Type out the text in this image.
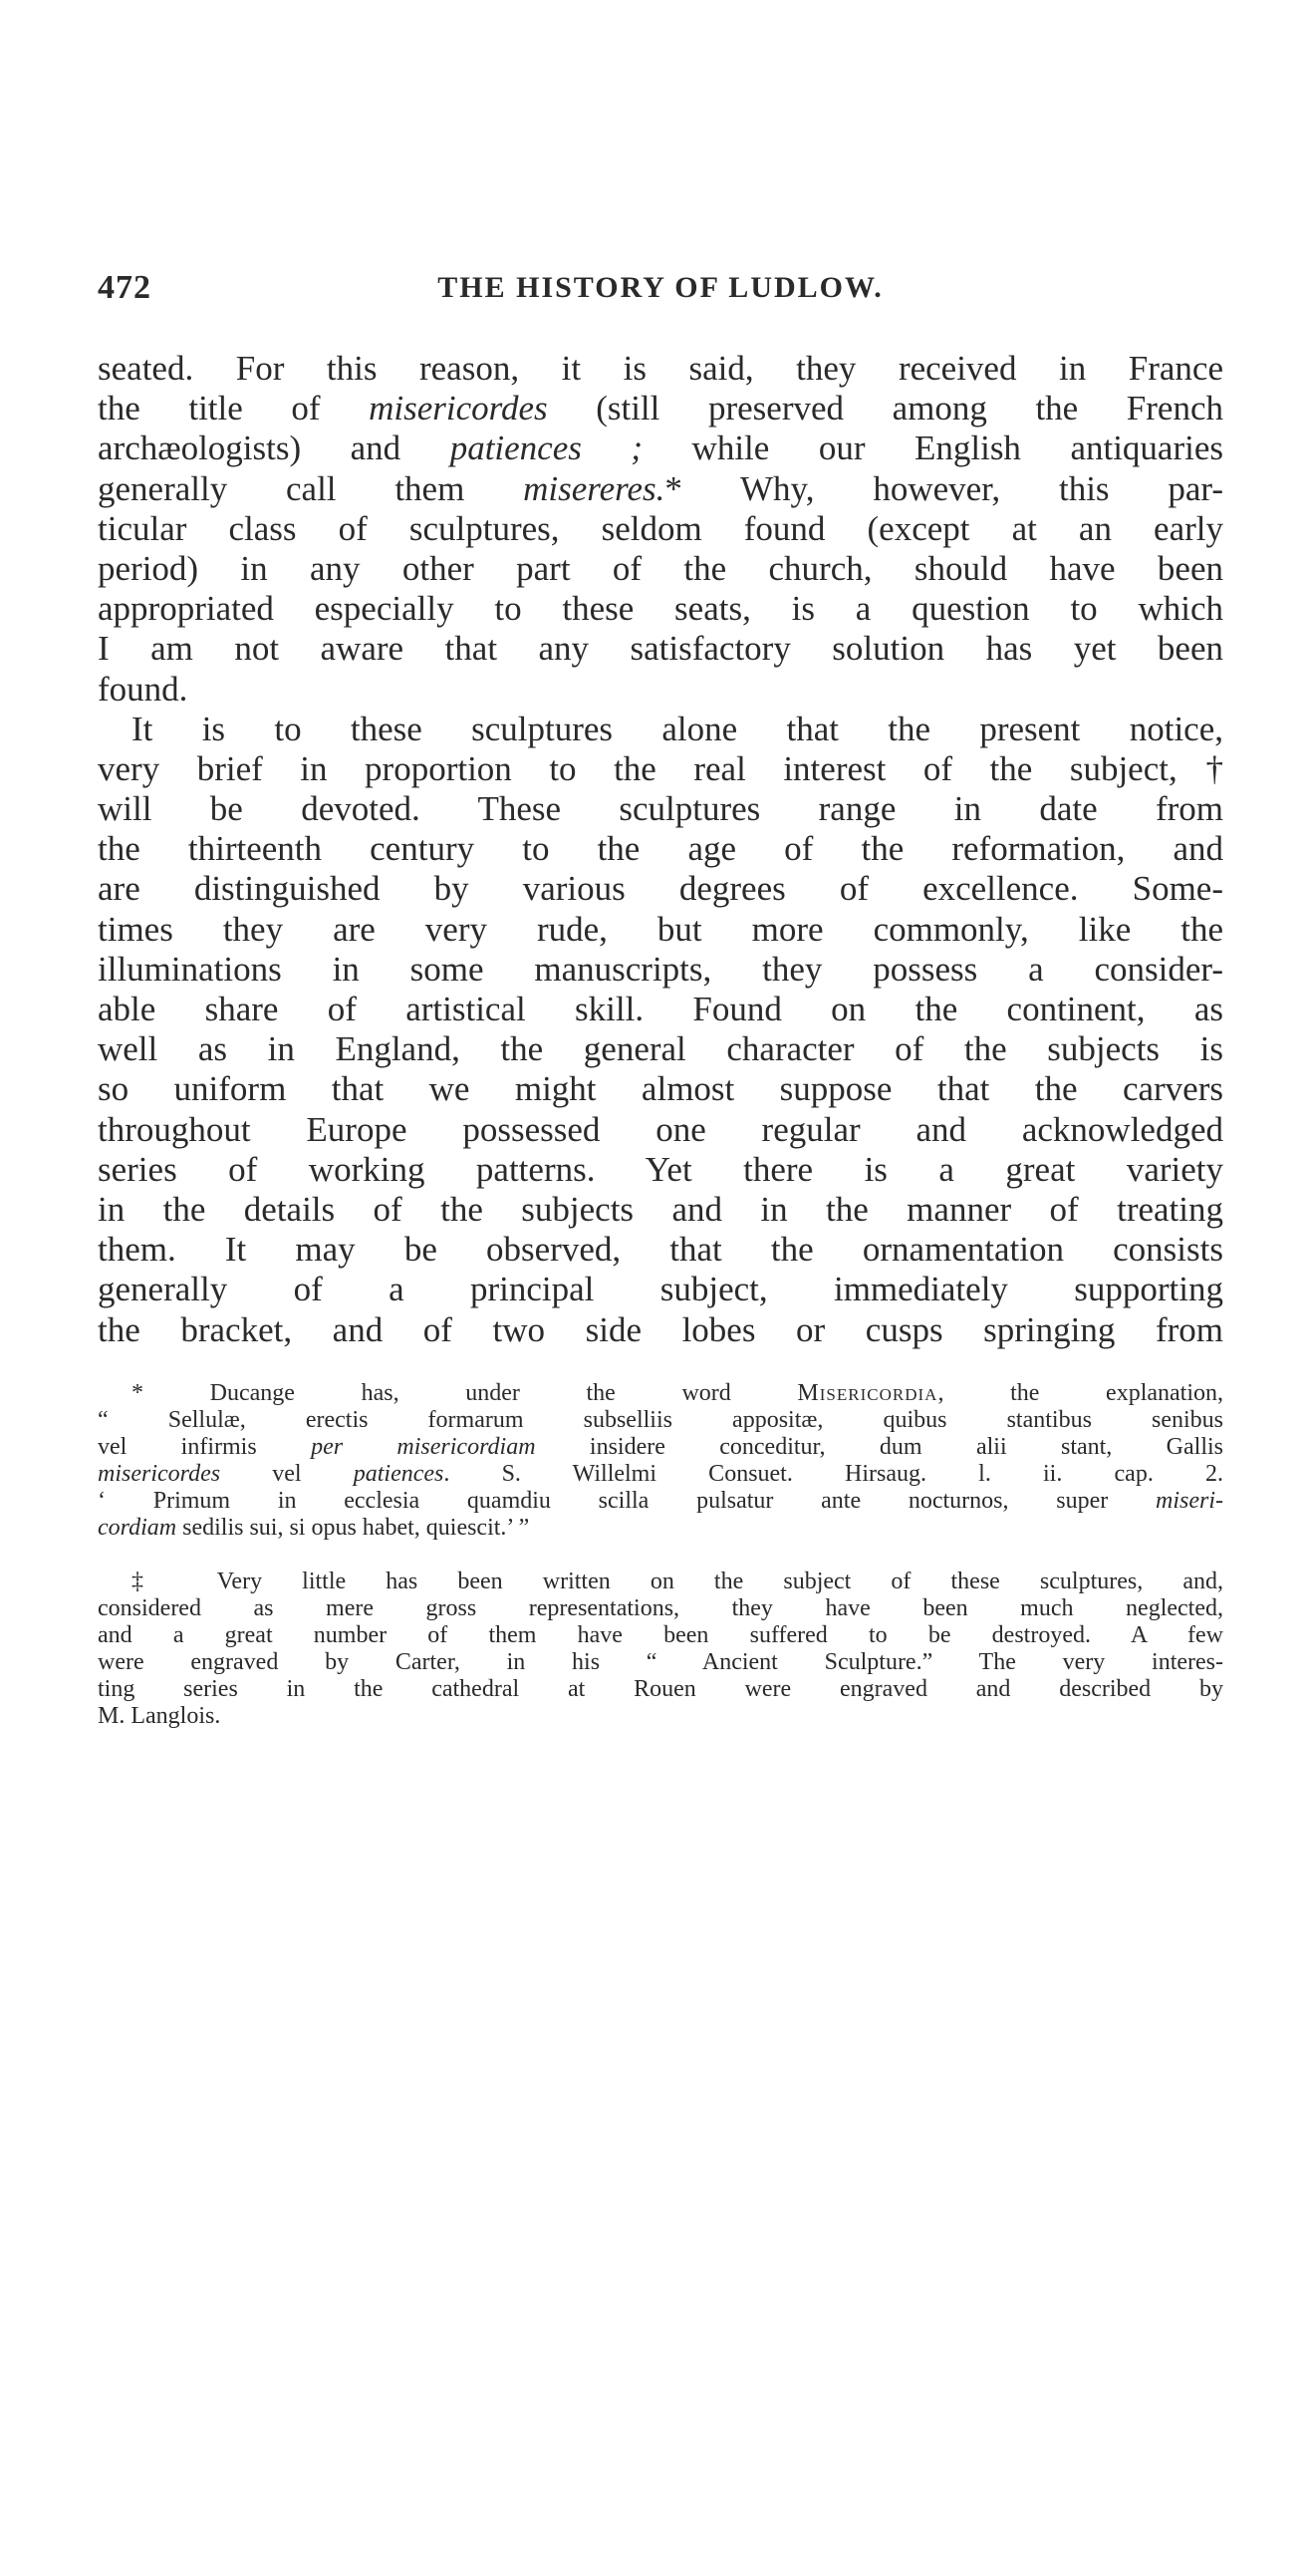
472	THE HISTORY OF LUDLOW.
seated. For this reason, it is said, they received in France
the title of misericordes (still preserved among the French
archæologists) and patiences ; while our English antiquaries
generally call them misereres.* Why, however, this par-
ticular class of sculptures, seldom found (except at an early
period) in any other part of the church, should have been
appropriated especially to these seats, is a question to which
I am not aware that any satisfactory solution has yet been
found.
It is to these sculptures alone that the present notice,
very brief in proportion to the real interest of the subject,†
will be devoted. These sculptures range in date from
the thirteenth century to the age of the reformation, and
are distinguished by various degrees of excellence. Some-
times they are very rude, but more commonly, like the
illuminations in some manuscripts, they possess a consider-
able share of artistical skill. Found on the continent, as
well as in England, the general character of the subjects is
so uniform that we might almost suppose that the carvers
throughout Europe possessed one regular and acknowledged
series of working patterns. Yet there is a great variety
in the details of the subjects and in the manner of treating
them. It may be observed, that the ornamentation consists
generally of a principal subject, immediately supporting
the bracket, and of two side lobes or cusps springing from
* Ducange has, under the word Misericordia, the explanation,
“ Sellulæ, erectis formarum subselliis appositæ, quibus stantibus senibus
vel infirmis per misericordiam insidere conceditur, dum alii stant, Gallis
misericordes vel patiences. S. Willelmi Consuet. Hirsaug. l. ii. cap. 2.
‘ Primum in ecclesia quamdiu scilla pulsatur ante nocturnos, super miseri-
cordiam sedilis sui, si opus habet, quiescit.’ ”
‡ Very little has been written on the subject of these sculptures, and,
considered as mere gross representations, they have been much neglected,
and a great number of them have been suffered to be destroyed. A few
were engraved by Carter, in his “ Ancient Sculpture.” The very interes-
ting series in the cathedral at Rouen were engraved and described by
M. Langlois.
